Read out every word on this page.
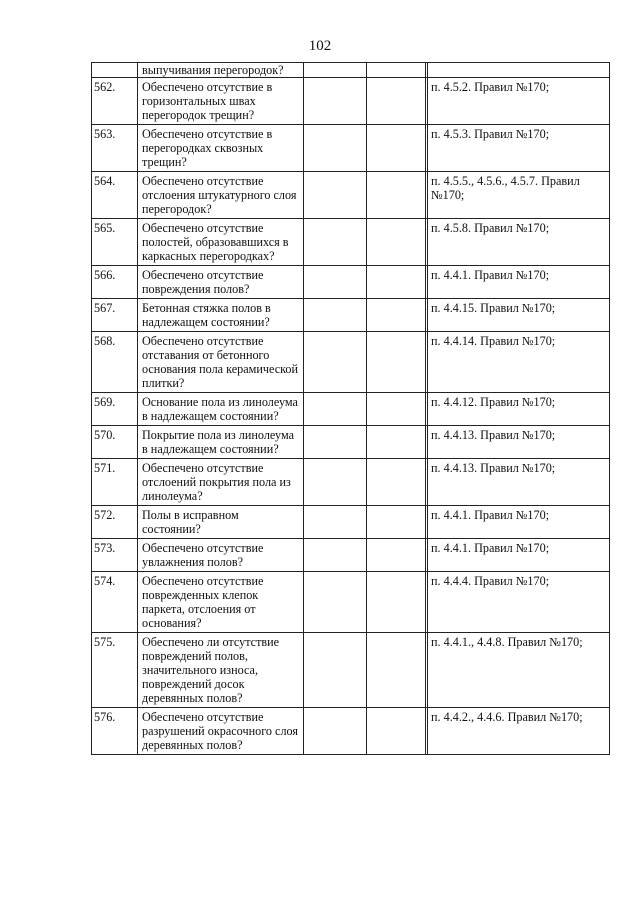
102
	выпучивания перегородок?				
562.	Обеспечено отсутствие в горизонтальных швах перегородок трещин?				п. 4.5.2. Правил №170;
563.	Обеспечено отсутствие в перегородках сквозных трещин?				п. 4.5.3. Правил №170;
564.	Обеспечено отсутствие отслоения штукатурного слоя перегородок?				п. 4.5.5., 4.5.6., 4.5.7. Правил №170;
565.	Обеспечено отсутствие полостей, образовавшихся в каркасных перегородках?				п. 4.5.8. Правил №170;
566.	Обеспечено отсутствие повреждения полов?				п. 4.4.1. Правил №170;
567.	Бетонная стяжка полов в надлежащем состоянии?				п. 4.4.15. Правил №170;
568.	Обеспечено отсутствие отставания от бетонного основания пола керамической плитки?				п. 4.4.14. Правил №170;
569.	Основание пола из линолеума в надлежащем состоянии?				п. 4.4.12. Правил №170;
570.	Покрытие пола из линолеума в надлежащем состоянии?				п. 4.4.13. Правил №170;
571.	Обеспечено отсутствие отслоений покрытия пола из линолеума?				п. 4.4.13. Правил №170;
572.	Полы в исправном состоянии?				п. 4.4.1. Правил №170;
573.	Обеспечено отсутствие увлажнения полов?				п. 4.4.1. Правил №170;
574.	Обеспечено отсутствие поврежденных клепок паркета, отслоения от основания?				п. 4.4.4. Правил №170;
575.	Обеспечено ли отсутствие повреждений полов, значительного износа, повреждений досок деревянных полов?				п. 4.4.1., 4.4.8. Правил №170;
576.	Обеспечено отсутствие разрушений окрасочного слоя деревянных полов?				п. 4.4.2., 4.4.6. Правил №170;
